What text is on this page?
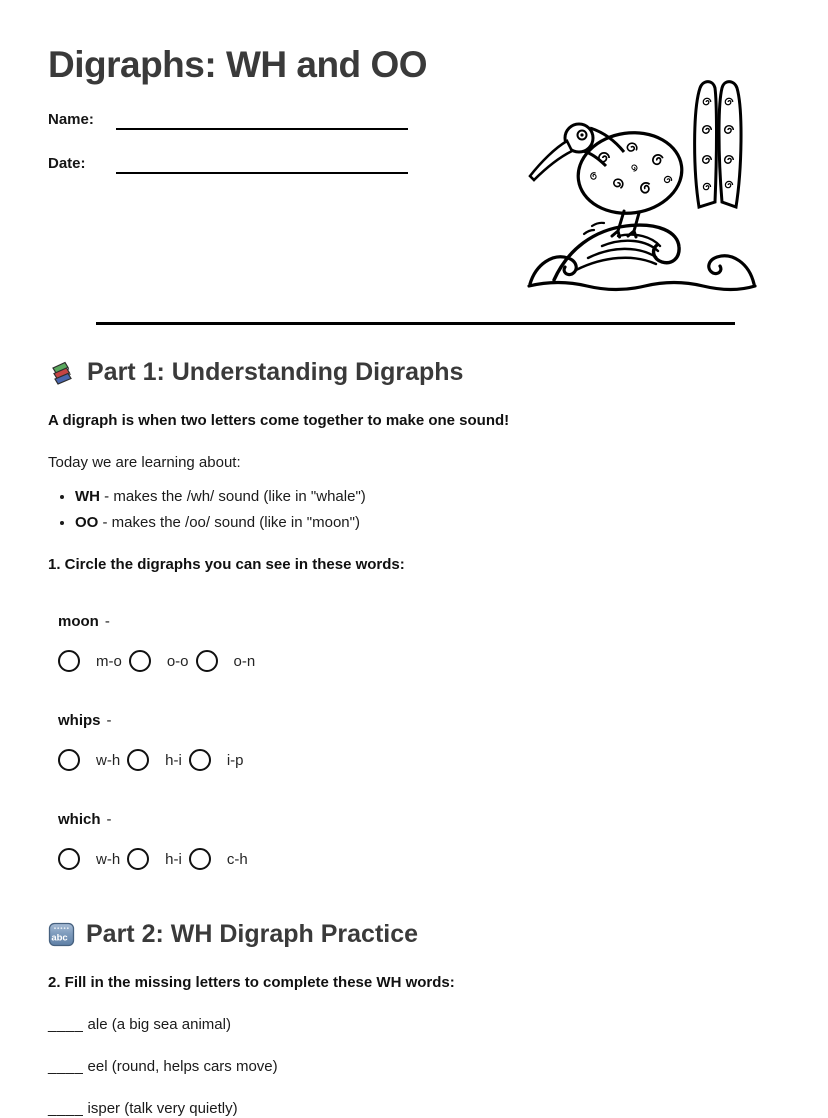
Digraphs: WH and OO
Name:
Date:
Part 1: Understanding Digraphs

A digraph is when two letters come together to make one sound!

Today we are learning about:

• WH - makes the /wh/ sound (like in "whale")
• OO - makes the /oo/ sound (like in "moon")

1. Circle the digraphs you can see in these words:

moon -
m-o	o-o	o-n
whips -
w-h	h-i	i-p
which -
w-h	h-i	c-h
abc Part 2: WH Digraph Practice

2. Fill in the missing letters to complete these WH words:

____ ale (a big sea animal)

____ eel (round, helps cars move)

____ isper (talk very quietly)
